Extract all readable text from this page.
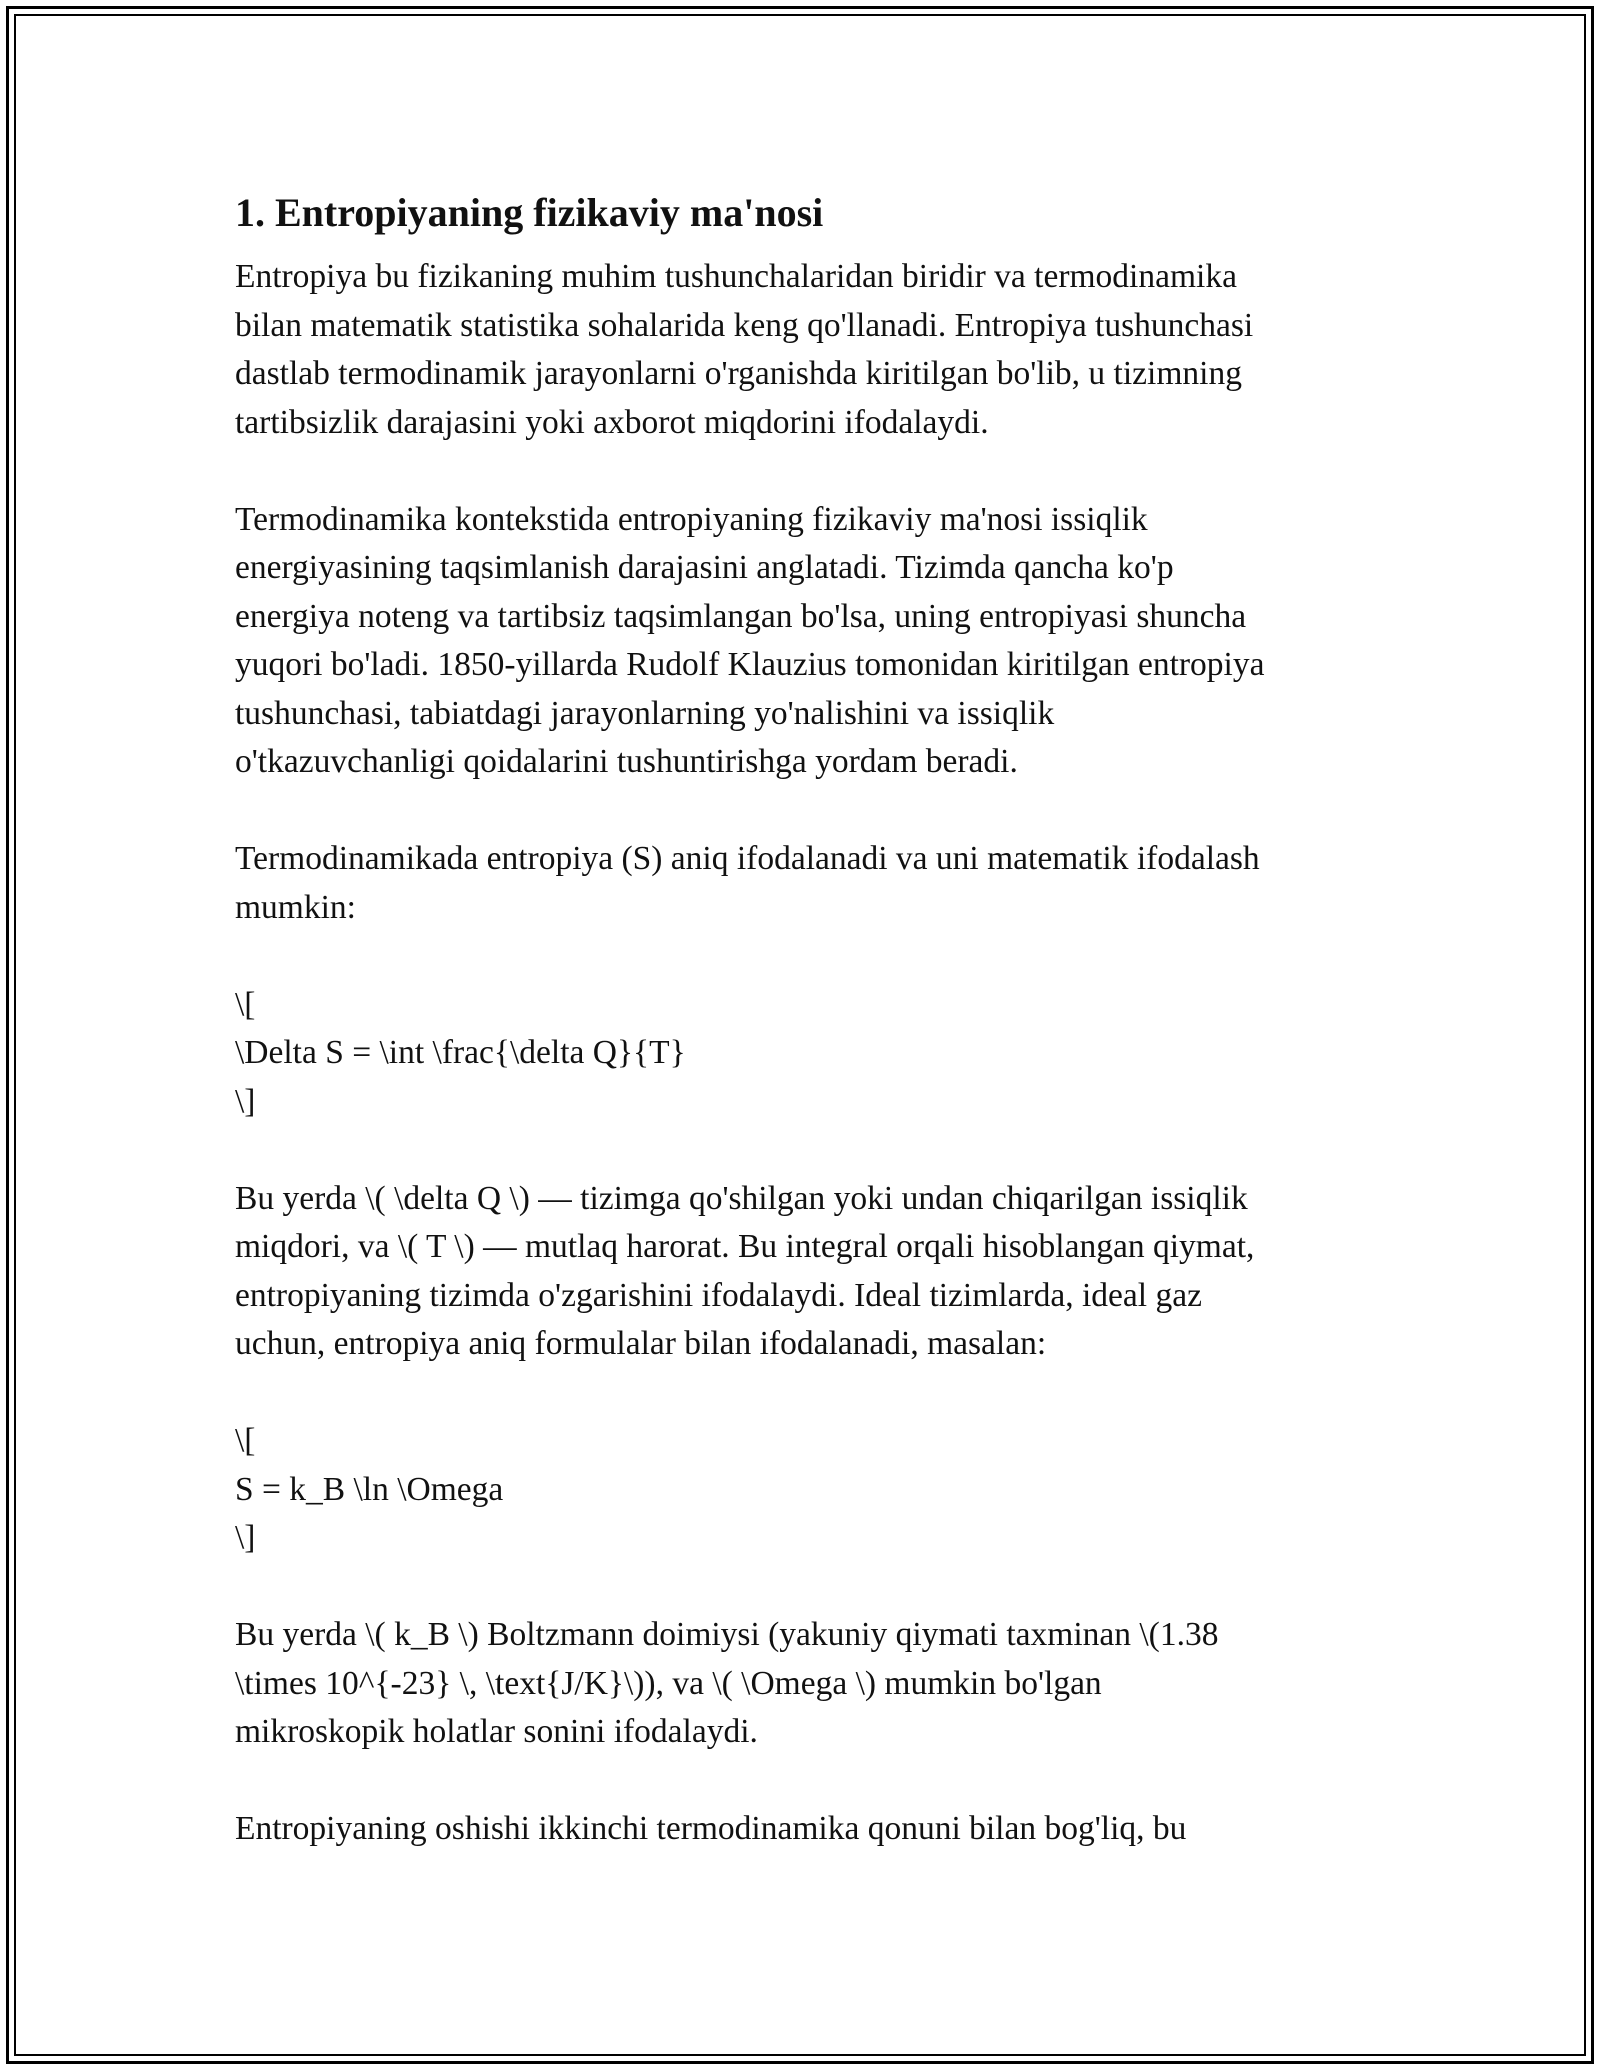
1. Entropiyaning fizikaviy ma'nosi
Entropiya bu fizikaning muhim tushunchalaridan biridir va termodinamika
bilan matematik statistika sohalarida keng qo'llanadi. Entropiya tushunchasi
dastlab termodinamik jarayonlarni o'rganishda kiritilgan bo'lib, u tizimning
tartibsizlik darajasini yoki axborot miqdorini ifodalaydi.
Termodinamika kontekstida entropiyaning fizikaviy ma'nosi issiqlik
energiyasining taqsimlanish darajasini anglatadi. Tizimda qancha ko'p
energiya noteng va tartibsiz taqsimlangan bo'lsa, uning entropiyasi shuncha
yuqori bo'ladi. 1850-yillarda Rudolf Klauzius tomonidan kiritilgan entropiya
tushunchasi, tabiatdagi jarayonlarning yo'nalishini va issiqlik
o'tkazuvchanligi qoidalarini tushuntirishga yordam beradi.
Termodinamikada entropiya (S) aniq ifodalanadi va uni matematik ifodalash
mumkin:
\[
\Delta S = \int \frac{\delta Q}{T}
\]
Bu yerda \( \delta Q \) — tizimga qo'shilgan yoki undan chiqarilgan issiqlik
miqdori, va \( T \) — mutlaq harorat. Bu integral orqali hisoblangan qiymat,
entropiyaning tizimda o'zgarishini ifodalaydi. Ideal tizimlarda, ideal gaz
uchun, entropiya aniq formulalar bilan ifodalanadi, masalan:
\[
S = k_B \ln \Omega
\]
Bu yerda \( k_B \) Boltzmann doimiysi (yakuniy qiymati taxminan \(1.38
\times 10^{-23} \, \text{J/K}\)), va \( \Omega \) mumkin bo'lgan
mikroskopik holatlar sonini ifodalaydi.
Entropiyaning oshishi ikkinchi termodinamika qonuni bilan bog'liq, bu
